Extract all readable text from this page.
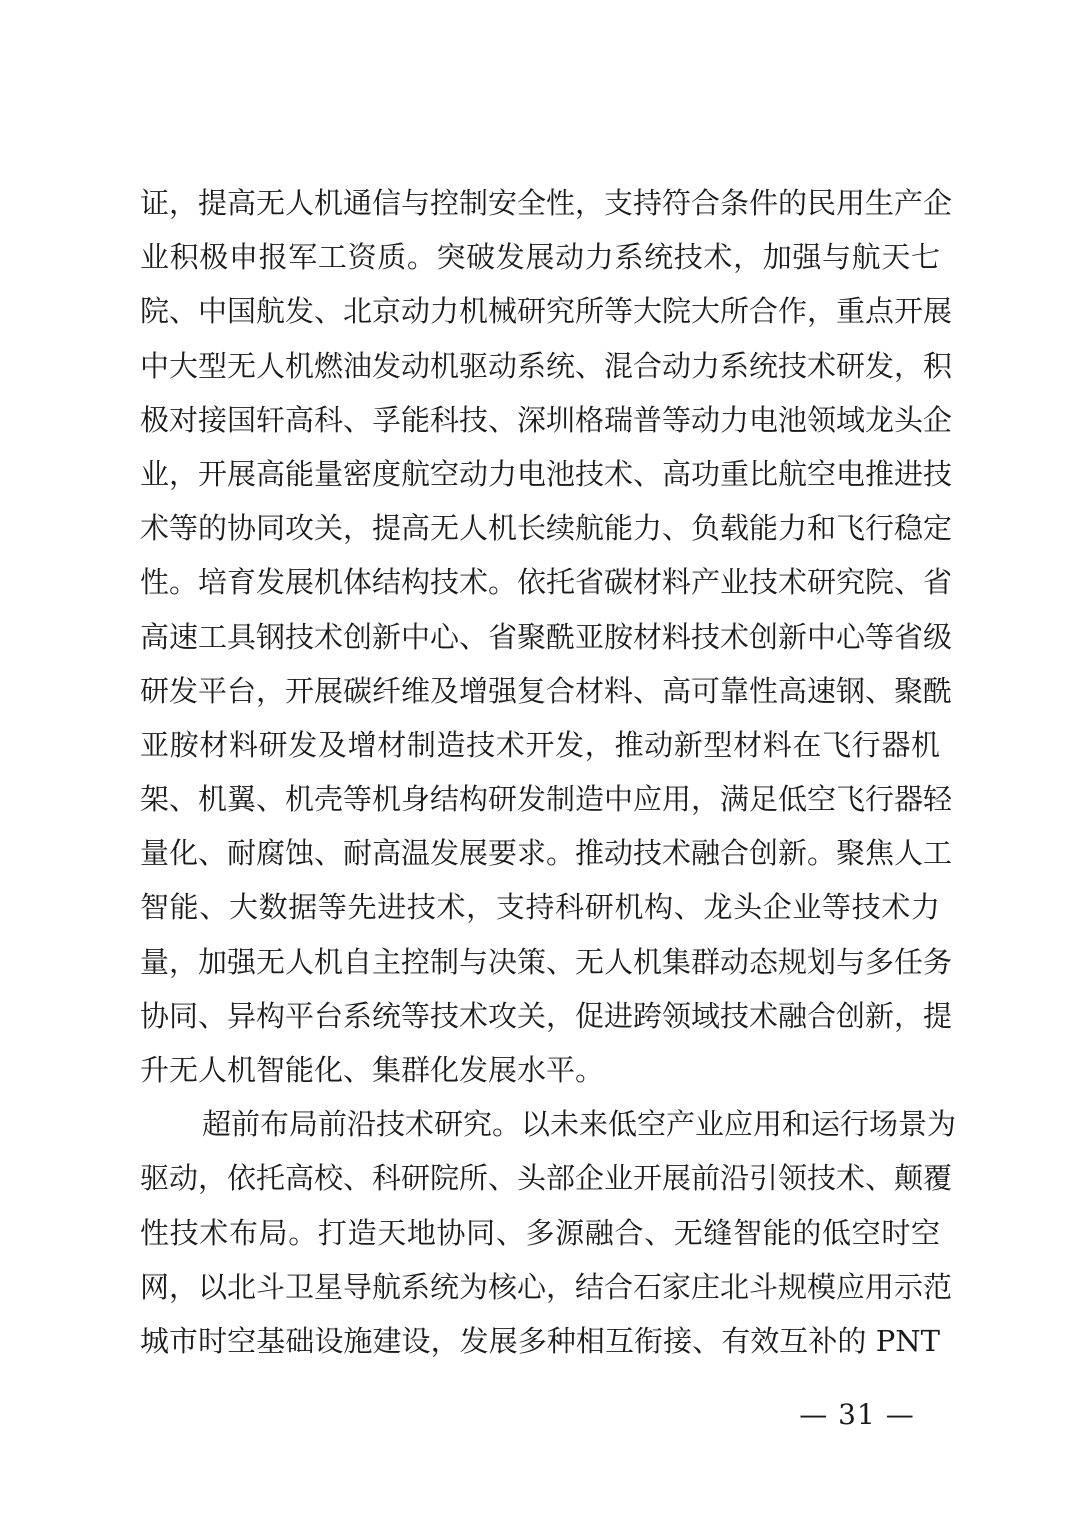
证，提高无人机通信与控制安全性，支持符合条件的民用生产企
业积极申报军工资质。突破发展动力系统技术，加强与航天七
院、中国航发、北京动力机械研究所等大院大所合作，重点开展
中大型无人机燃油发动机驱动系统、混合动力系统技术研发，积
极对接国轩高科、孚能科技、深圳格瑞普等动力电池领域龙头企
业，开展高能量密度航空动力电池技术、高功重比航空电推进技
术等的协同攻关，提高无人机长续航能力、负载能力和飞行稳定
性。培育发展机体结构技术。依托省碳材料产业技术研究院、省
高速工具钢技术创新中心、省聚酰亚胺材料技术创新中心等省级
研发平台，开展碳纤维及增强复合材料、高可靠性高速钢、聚酰
亚胺材料研发及增材制造技术开发，推动新型材料在飞行器机
架、机翼、机壳等机身结构研发制造中应用，满足低空飞行器轻
量化、耐腐蚀、耐高温发展要求。推动技术融合创新。聚焦人工
智能、大数据等先进技术，支持科研机构、龙头企业等技术力
量，加强无人机自主控制与决策、无人机集群动态规划与多任务
协同、异构平台系统等技术攻关，促进跨领域技术融合创新，提
升无人机智能化、集群化发展水平。
超前布局前沿技术研究。以未来低空产业应用和运行场景为
驱动，依托高校、科研院所、头部企业开展前沿引领技术、颠覆
性技术布局。打造天地协同、多源融合、无缝智能的低空时空
网，以北斗卫星导航系统为核心，结合石家庄北斗规模应用示范
城市时空基础设施建设，发展多种相互衔接、有效互补的 PNT
— 31 —
